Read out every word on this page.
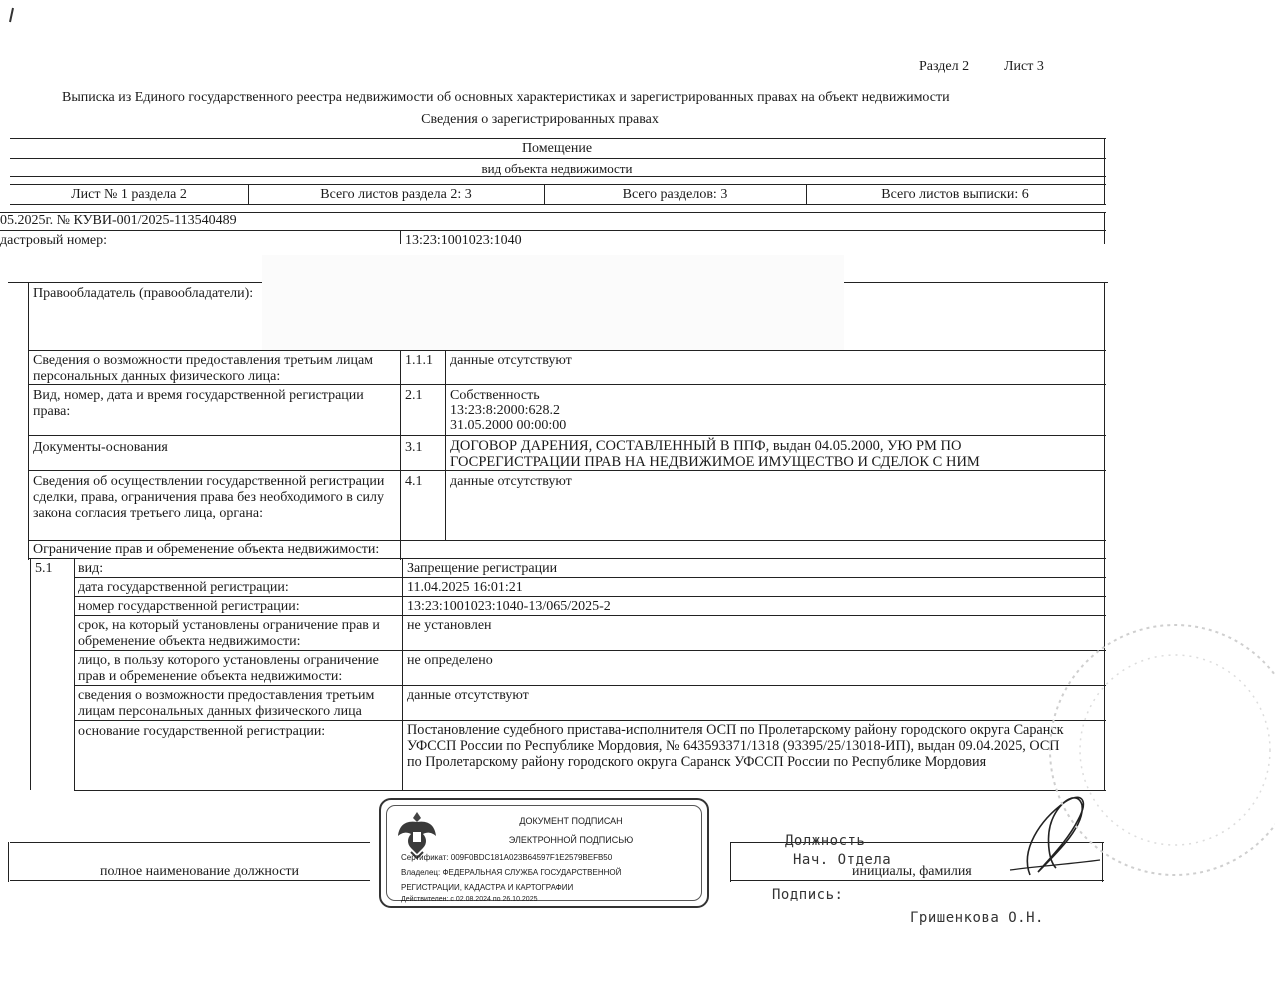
Раздел 2 Лист 3
Выписка из Единого государственного реестра недвижимости об основных характеристиках и зарегистрированных правах на объект недвижимости
Сведения о зарегистрированных правах
Помещение
вид объекта недвижимости
Лист № 1 раздела 2	Всего листов раздела 2: 3	Всего разделов: 3	Всего листов выписки: 6
05.2025г. № КУВИ-001/2025-113540489
дастровый номер:	13:23:1001023:1040
Правообладатель (правообладатели):
Сведения о возможности предоставления третьим лицам персональных данных физического лица:
1.1.1 данные отсутствуют
Вид, номер, дата и время государственной регистрации права:
2.1 Собственность
13:23:8:2000:628.2
31.05.2000 00:00:00
Документы-основания	3.1 ДОГОВОР ДАРЕНИЯ, СОСТАВЛЕННЫЙ В ППФ, выдан 04.05.2000, УЮ РМ ПО ГОСРЕГИСТРАЦИИ ПРАВ НА НЕДВИЖИМОЕ ИМУЩЕСТВО И СДЕЛОК С НИМ
Сведения об осуществлении государственной регистрации сделки, права, ограничения права без необходимого в силу закона согласия третьего лица, органа:
4.1 данные отсутствуют
Ограничение прав и обременение объекта недвижимости:
5.1 вид:	Запрещение регистрации
дата государственной регистрации:	11.04.2025 16:01:21
номер государственной регистрации:	13:23:1001023:1040-13/065/2025-2
срок, на который установлены ограничение прав и обременение объекта недвижимости:
не установлен
лицо, в пользу которого установлены ограничение прав и обременение объекта недвижимости:
не определено
сведения о возможности предоставления третьим лицам персональных данных физического лица
данные отсутствуют
основание государственной регистрации:	Постановление судебного пристава-исполнителя ОСП по Пролетарскому району городского округа Саранск УФССП России по Республике Мордовия, № 643593371/1318 (93395/25/13018-ИП), выдан 09.04.2025, ОСП по Пролетарскому району городского округа Саранск УФССП России по Республике Мордовия
полное наименование должности	инициалы, фамилия
ДОКУМЕНТ ПОДПИСАН
ЭЛЕКТРОННОЙ ПОДПИСЬЮ
Сертификат: 009F0BDC181A023B64597F1E2579BEFB50
Владелец: ФЕДЕРАЛЬНАЯ СЛУЖБА ГОСУДАРСТВЕННОЙ
РЕГИСТРАЦИИ, КАДАСТРА И КАРТОГРАФИИ
Действителен: с 02.08.2024 по 26.10.2025
Должность
Нач. Отдела
Подпись:
Гришенкова О.Н.
